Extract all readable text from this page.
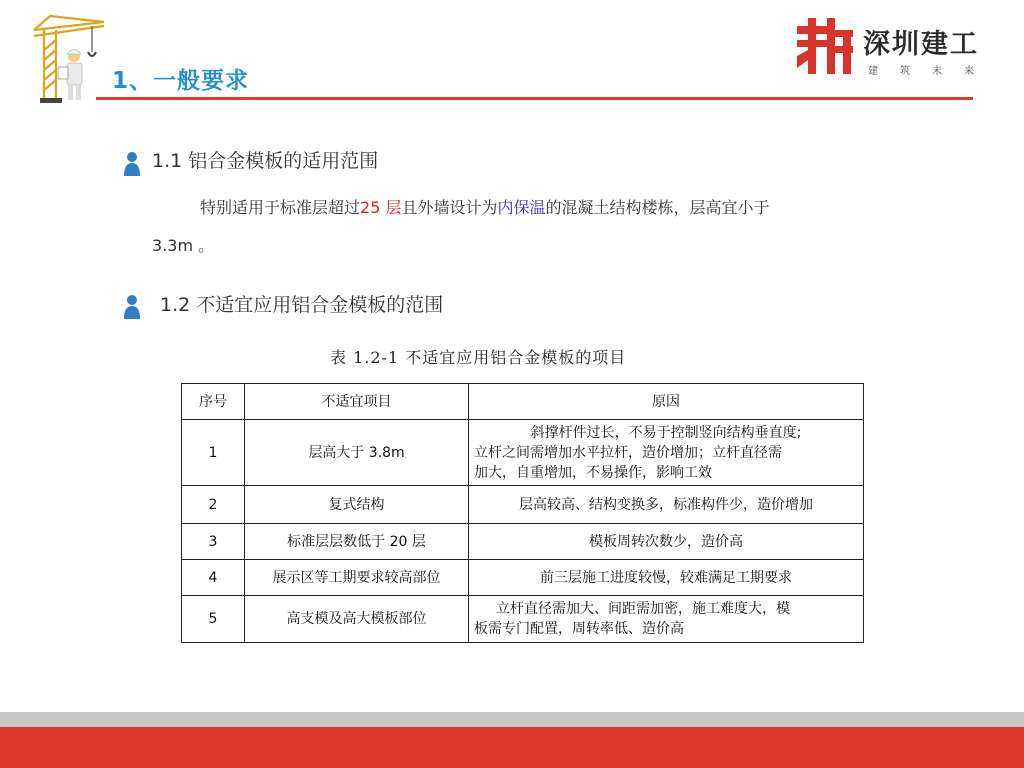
1、一般要求
深圳建工
建筑未来
1.1 铝合金模板的适用范围
特别适用于标准层超过25 层且外墙设计为内保温的混凝土结构楼栋，层高宜小于
3.3m 。
1.2 不适宜应用铝合金模板的范围
表 1.2-1 不适宜应用铝合金模板的项目
序号	不适宜项目	原因
1	层高大于 3.8m	斜撑杆件过长，不易于控制竖向结构垂直度;
立杆之间需增加水平拉杆，造价增加；立杆直径需
加大，自重增加，不易操作，影响工效

2	复式结构	层高较高、结构变换多，标准构件少，造价增加
3	标准层层数低于 20 层	模板周转次数少，造价高
4	展示区等工期要求较高部位	前三层施工进度较慢，较难满足工期要求
5	高支模及高大模板部位	立杆直径需加大、间距需加密，施工难度大，模
板需专门配置，周转率低、造价高
